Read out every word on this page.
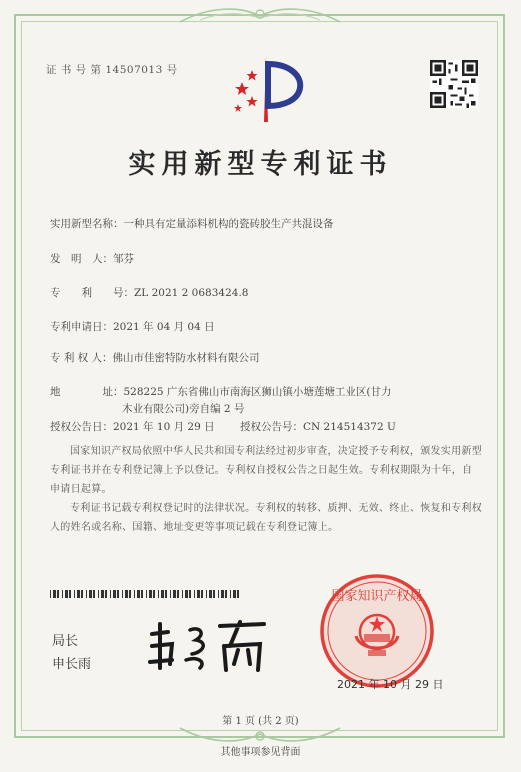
证 书 号 第 14507013 号
实用新型专利证书
实用新型名称：一种具有定量添料机构的瓷砖胶生产共混设备
发　明　人：邹芬
专　　利　　号：ZL 2021 2 0683424.8
专利申请日：2021 年 04 月 04 日
专 利 权 人：佛山市佳密特防水材料有限公司
地　　　　址：528225 广东省佛山市南海区狮山镇小塘莲塘工业区(甘力
木业有限公司)旁自编 2 号
授权公告日：2021 年 10 月 29 日 授权公告号：CN 214514372 U
国家知识产权局依照中华人民共和国专利法经过初步审查，决定授予专利权，颁发实用新型专利证书并在专利登记簿上予以登记。专利权自授权公告之日起生效。专利权期限为十年，自申请日起算。
专利证书记载专利权登记时的法律状况。专利权的转移、质押、无效、终止、恢复和专利权人的姓名或名称、国籍、地址变更等事项记载在专利登记簿上。
局长
申长雨
国家知识产权局
2021 年 10 月 29 日
第 1 页 (共 2 页)
其他事项参见背面
